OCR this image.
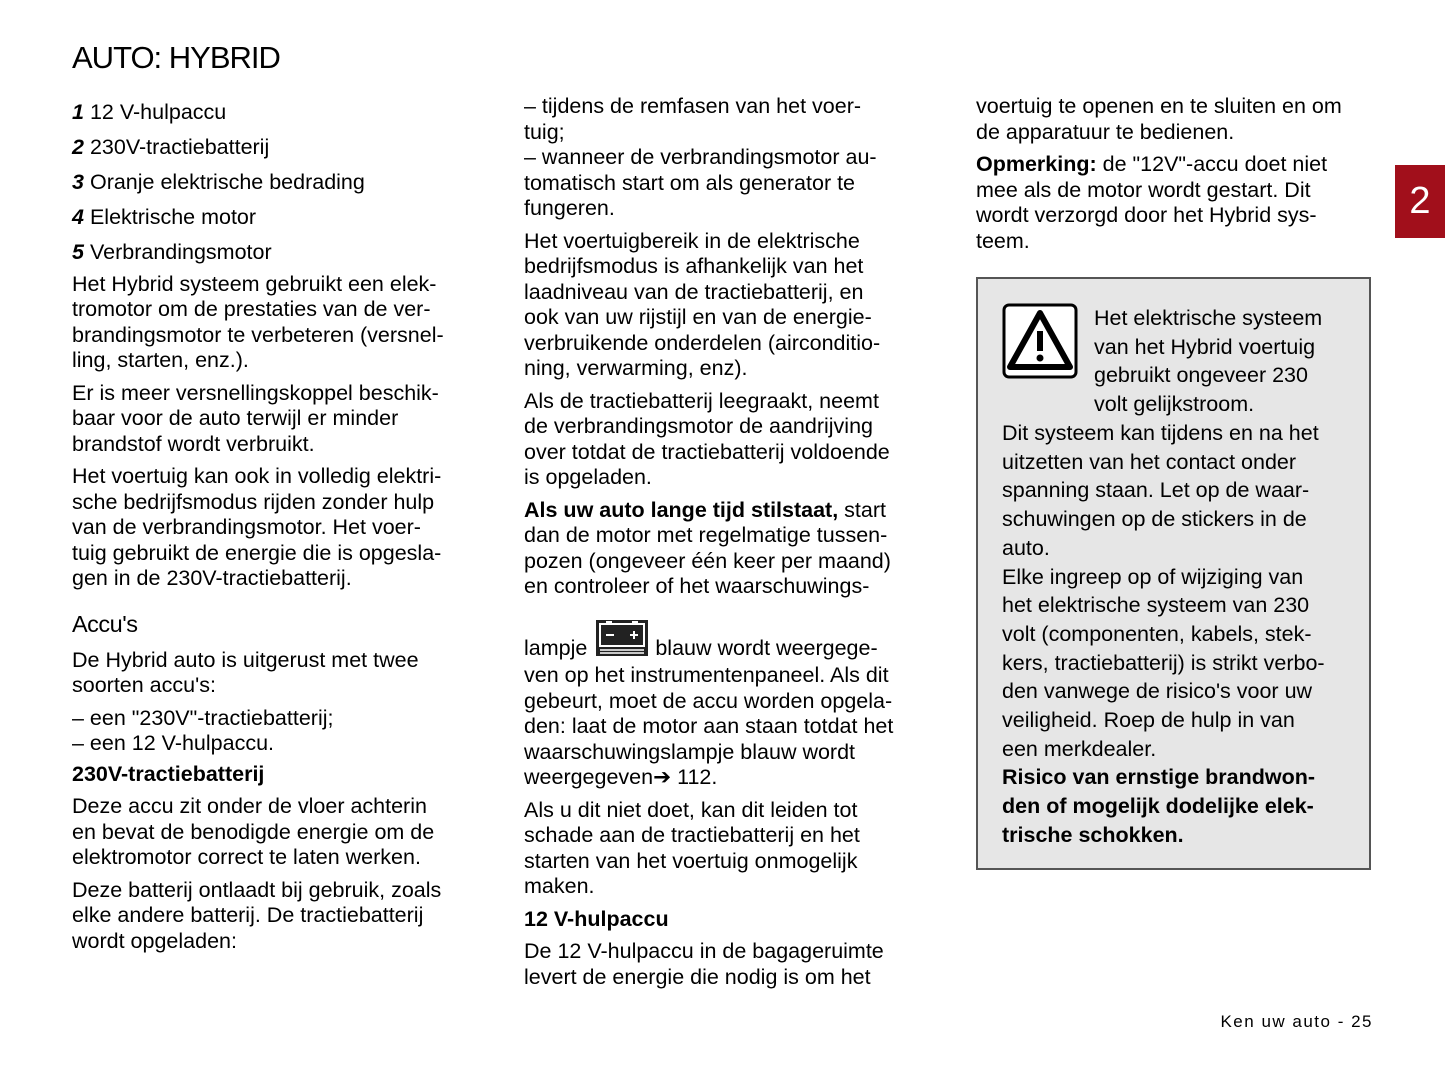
AUTO: HYBRID
2
1 12 V-hulpaccu
2 230V-tractiebatterij
3 Oranje elektrische bedrading
4 Elektrische motor
5 Verbrandingsmotor

Het Hybrid systeem gebruikt een elek-
tromotor om de prestaties van de ver-
brandingsmotor te verbeteren (versnel-
ling, starten, enz.).

Er is meer versnellingskoppel beschik-
baar voor de auto terwijl er minder
brandstof wordt verbruikt.

Het voertuig kan ook in volledig elektri-
sche bedrijfsmodus rijden zonder hulp
van de verbrandingsmotor. Het voer-
tuig gebruikt de energie die is opgesla-
gen in de 230V-tractiebatterij.

Accu's

De Hybrid auto is uitgerust met twee
soorten accu's:

– een "230V"-tractiebatterij;
– een 12 V-hulpaccu.

230V-tractiebatterij

Deze accu zit onder de vloer achterin
en bevat de benodigde energie om de
elektromotor correct te laten werken.

Deze batterij ontlaadt bij gebruik, zoals
elke andere batterij. De tractiebatterij
wordt opgeladen:

– tijdens de remfasen van het voer-
tuig;

– wanneer de verbrandingsmotor au-
tomatisch start om als generator te
fungeren.

Het voertuigbereik in de elektrische
bedrijfsmodus is afhankelijk van het
laadniveau van de tractiebatterij, en
ook van uw rijstijl en van de energie-
verbruikende onderdelen (airconditio-
ning, verwarming, enz).

Als de tractiebatterij leegraakt, neemt
de verbrandingsmotor de aandrijving
over totdat de tractiebatterij voldoende
is opgeladen.

Als uw auto lange tijd stilstaat, start
dan de motor met regelmatige tussen-
pozen (ongeveer één keer per maand)
en controleer of het waarschuwings-
lampje	blauw wordt weergege-
ven op het instrumentenpaneel. Als dit
gebeurt, moet de accu worden opgela-
den: laat de motor aan staan totdat het
waarschuwingslampje blauw wordt
weergegeven➔ 112.

Als u dit niet doet, kan dit leiden tot
schade aan de tractiebatterij en het
starten van het voertuig onmogelijk
maken.

12 V-hulpaccu

De 12 V-hulpaccu in de bagageruimte
levert de energie die nodig is om het

voertuig te openen en te sluiten en om
de apparatuur te bedienen.

Opmerking: de "12V"-accu doet niet
mee als de motor wordt gestart. Dit
wordt verzorgd door het Hybrid sys-
teem.

Het elektrische systeem
van het Hybrid voertuig
gebruikt ongeveer 230
volt gelijkstroom.

Dit systeem kan tijdens en na het
uitzetten van het contact onder
spanning staan. Let op de waar-
schuwingen op de stickers in de
auto.

Elke ingreep op of wijziging van
het elektrische systeem van 230
volt (componenten, kabels, stek-
kers, tractiebatterij) is strikt verbo-
den vanwege de risico's voor uw
veiligheid. Roep de hulp in van
een merkdealer.

Risico van ernstige brandwon-
den of mogelijk dodelijke elek-
trische schokken.

Ken uw auto - 25
